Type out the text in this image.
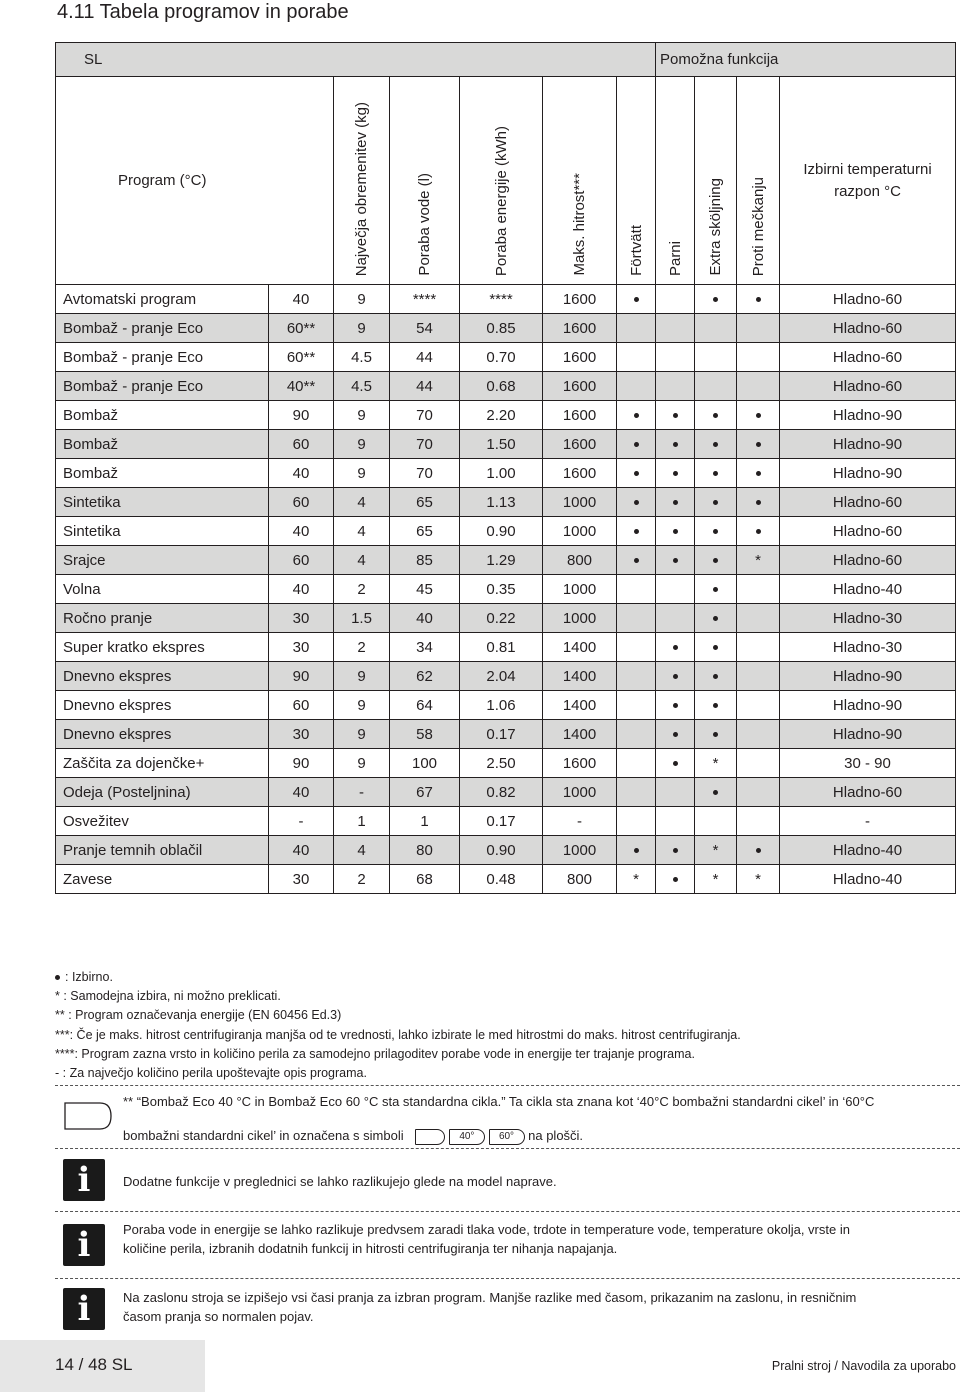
4.11 Tabela programov in porabe
SL							Pomožna funkcija			
Program (°C)		Največja obremenitev (kg)	Poraba vode (l)	Poraba energije (kWh)	Maks. hitrost***	Förtvätt	Parni	Extra sköljning	Proti mečkanju	Izbirni temperaturni razpon °C
Avtomatski program	40	9	****	****	1600					Hladno-60
Bombaž - pranje Eco	60**	9	54	0.85	1600					Hladno-60
Bombaž - pranje Eco	60**	4.5	44	0.70	1600					Hladno-60
Bombaž - pranje Eco	40**	4.5	44	0.68	1600					Hladno-60
Bombaž	90	9	70	2.20	1600					Hladno-90
Bombaž	60	9	70	1.50	1600					Hladno-90
Bombaž	40	9	70	1.00	1600					Hladno-90
Sintetika	60	4	65	1.13	1000					Hladno-60
Sintetika	40	4	65	0.90	1000					Hladno-60
Srajce	60	4	85	1.29	800				*	Hladno-60
Volna	40	2	45	0.35	1000					Hladno-40
Ročno pranje	30	1.5	40	0.22	1000					Hladno-30
Super kratko ekspres	30	2	34	0.81	1400					Hladno-30
Dnevno ekspres	90	9	62	2.04	1400					Hladno-90
Dnevno ekspres	60	9	64	1.06	1400					Hladno-90
Dnevno ekspres	30	9	58	0.17	1400					Hladno-90
Zaščita za dojenčke+	90	9	100	2.50	1600			*		30 - 90
Odeja (Posteljnina)	40	-	67	0.82	1000					Hladno-60
Osvežitev	-	1	1	0.17	-					-
Pranje temnih oblačil	40	4	80	0.90	1000			*		Hladno-40
Zavese	30	2	68	0.48	800	*		*	*	Hladno-40
: Izbirno.
* : Samodejna izbira, ni možno preklicati.
** : Program označevanja energije (EN 60456 Ed.3)
***: Če je maks. hitrost centrifugiranja manjša od te vrednosti, lahko izbirate le med hitrostmi do maks. hitrost centrifugiranja.
****: Program zazna vrsto in količino perila za samodejno prilagoditev porabe vode in energije ter trajanje programa.
- : Za največjo količino perila upoštevajte opis programa.
** “Bombaž Eco 40 °C in Bombaž Eco 60 °C sta standardna cikla.” Ta cikla sta znana kot ‘40°C bombažni standardni cikel’ in ‘60°C
bombažni standardni cikel’ in označena s simboli	40° 60° na plošči.
i	Dodatne funkcije v preglednici se lahko razlikujejo glede na model naprave.
i	Poraba vode in energije se lahko razlikuje predvsem zaradi tlaka vode, trdote in temperature vode, temperature okolja, vrste in
količine perila, izbranih dodatnih funkcij in hitrosti centrifugiranja ter nihanja napajanja.
i	Na zaslonu stroja se izpišejo vsi časi pranja za izbran program. Manjše razlike med časom, prikazanim na zaslonu, in resničnim
časom pranja so normalen pojav.
14 / 48 SL	Pralni stroj / Navodila za uporabo
